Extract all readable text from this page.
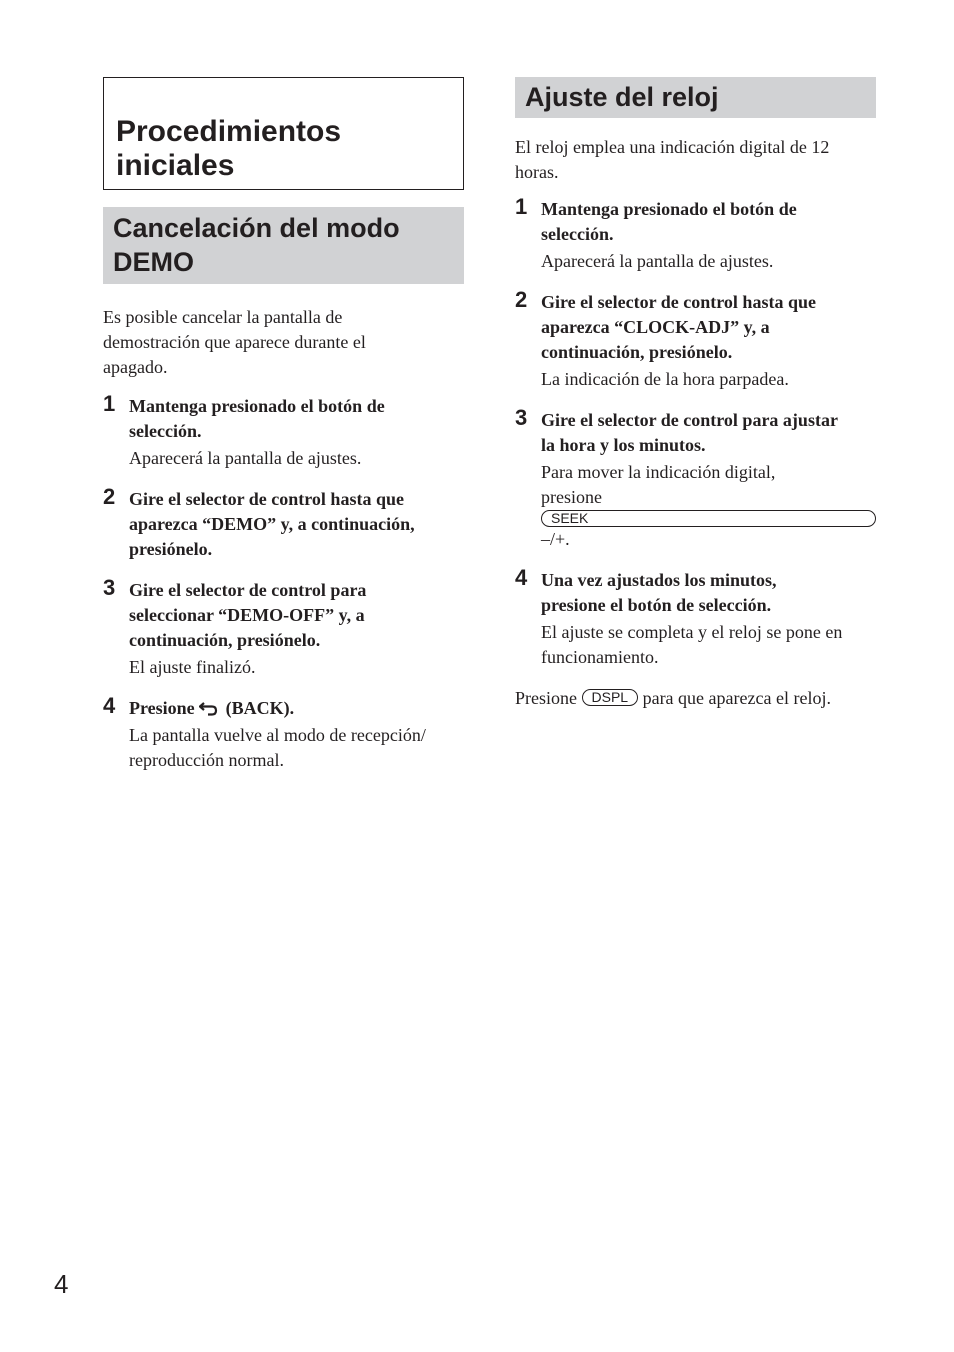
Procedimientos
iniciales
Cancelación del modo
DEMO
Es posible cancelar la pantalla de
demostración que aparece durante el
apagado.
1 Mantenga presionado el botón de
selección.
Aparecerá la pantalla de ajustes.
2 Gire el selector de control hasta que
aparezca “DEMO” y, a continuación,
presiónelo.
3 Gire el selector de control para
seleccionar “DEMO-OFF” y, a
continuación, presiónelo.
El ajuste finalizó.
4 Presione (BACK).
La pantalla vuelve al modo de recepción/
reproducción normal.
Ajuste del reloj
El reloj emplea una indicación digital de 12
horas.
1 Mantenga presionado el botón de
selección.
Aparecerá la pantalla de ajustes.
2 Gire el selector de control hasta que
aparezca “CLOCK-ADJ” y, a
continuación, presiónelo.
La indicación de la hora parpadea.
3 Gire el selector de control para ajustar
la hora y los minutos.
Para mover la indicación digital,
presione
SEEK
–/+.
4 Una vez ajustados los minutos,
presione el botón de selección.
El ajuste se completa y el reloj se pone en
funcionamiento.
Presione DSPL para que aparezca el reloj.
4
